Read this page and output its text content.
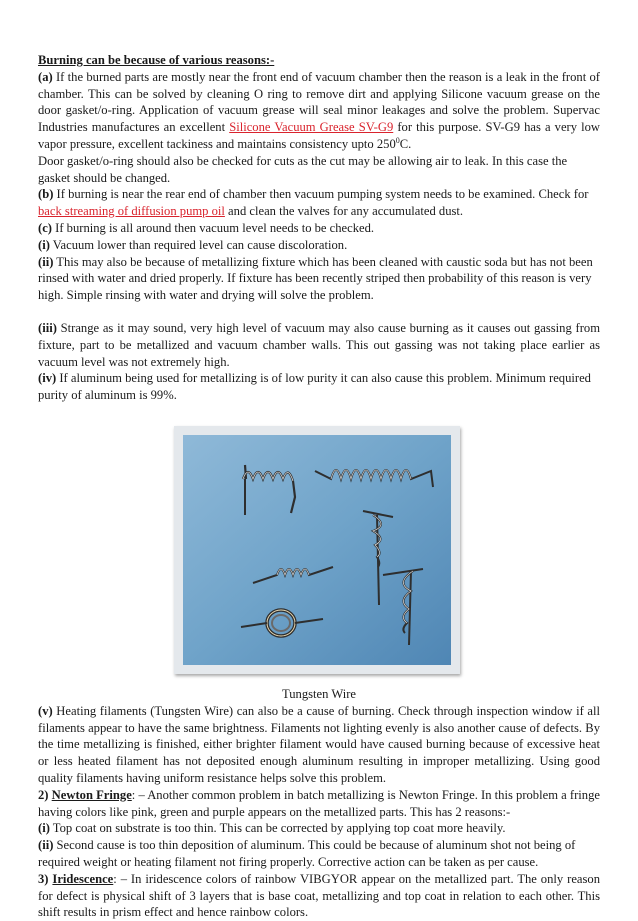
Burning can be because of various reasons:-

(a) If the burned parts are mostly near the front end of vacuum chamber then the reason is a leak in the front of chamber. This can be solved by cleaning O ring to remove dirt and applying Silicone vacuum grease on the door gasket/o-ring. Application of vacuum grease will seal minor leakages and solve the problem. Supervac Industries manufactures an excellent Silicone Vacuum Grease SV-G9 for this purpose. SV-G9 has a very low vapor pressure, excellent tackiness and maintains consistency upto $250^0C$.

Door gasket/o-ring should also be checked for cuts as the cut may be allowing air to leak. In this case the gasket should be changed.

(b) If burning is near the rear end of chamber then vacuum pumping system needs to be examined. Check for back streaming of diffusion pump oil and clean the valves for any accumulated dust.

(c) If burning is all around then vacuum level needs to be checked.

(i) Vacuum lower than required level can cause discoloration.

(ii) This may also be because of metallizing fixture which has been cleaned with caustic soda but has not been rinsed with water and dried properly. If fixture has been recently striped then probability of this reason is very high. Simple rinsing with water and drying will solve the problem.

(iii) Strange as it may sound, very high level of vacuum may also cause burning as it causes out gassing from fixture, part to be metallized and vacuum chamber walls. This out gassing was not taking place earlier as vacuum level was not extremely high.

(iv) If aluminum being used for metallizing is of low purity it can also cause this problem. Minimum required purity of aluminum is 99%.

Tungsten Wire

(v) Heating filaments (Tungsten Wire) can also be a cause of burning. Check through inspection window if all filaments appear to have the same brightness. Filaments not lighting evenly is also another cause of defects. By the time metallizing is finished, either brighter filament would have caused burning because of excessive heat or less heated filament has not deposited enough aluminum resulting in improper metallizing. Using good quality filaments having uniform resistance helps solve this problem.

2) Newton Fringe: – Another common problem in batch metallizing is Newton Fringe. In this problem a fringe having colors like pink, green and purple appears on the metallized parts. This has 2 reasons:-

(i) Top coat on substrate is too thin. This can be corrected by applying top coat more heavily.

(ii) Second cause is too thin deposition of aluminum. This could be because of aluminum shot not being of required weight or heating filament not firing properly. Corrective action can be taken as per cause.

3) Iridescence: – In iridescence colors of rainbow VIBGYOR appear on the metallized part. The only reason for defect is physical shift of 3 layers that is base coat, metallizing and top coat in relation to each other. This shift results in prism effect and hence rainbow colors.
